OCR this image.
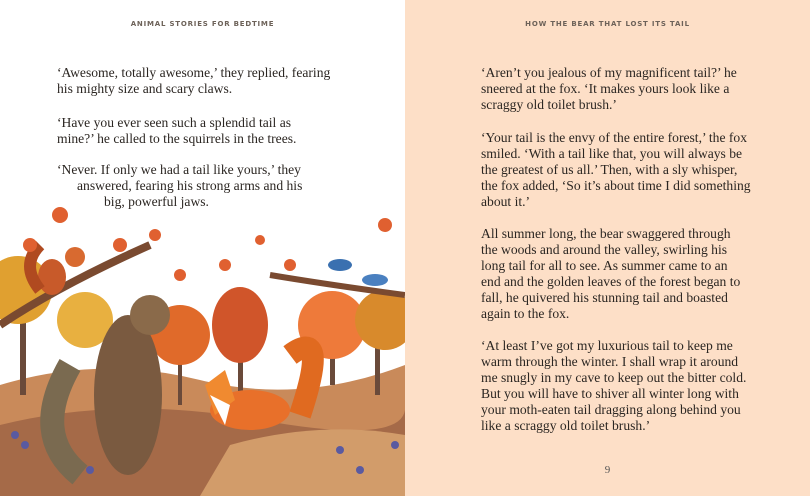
ANIMAL STORIES FOR BEDTIME
‘Awesome, totally awesome,’ they replied, fearing
his mighty size and scary claws.
‘Have you ever seen such a splendid tail as
mine?’ he called to the squirrels in the trees.
‘Never. If only we had a tail like yours,’ they
answered, fearing his strong arms and his
big, powerful jaws.
HOW THE BEAR THAT LOST ITS TAIL
‘Aren’t you jealous of my magnificent tail?’ he
sneered at the fox. ‘It makes yours look like a
scraggy old toilet brush.’
‘Your tail is the envy of the entire forest,’ the fox
smiled. ‘With a tail like that, you will always be
the greatest of us all.’ Then, with a sly whisper,
the fox added, ‘So it’s about time I did something
about it.’
All summer long, the bear swaggered through
the woods and around the valley, swirling his
long tail for all to see. As summer came to an
end and the golden leaves of the forest began to
fall, he quivered his stunning tail and boasted
again to the fox.
‘At least I’ve got my luxurious tail to keep me
warm through the winter. I shall wrap it around
me snugly in my cave to keep out the bitter cold.
But you will have to shiver all winter long with
your moth-eaten tail dragging along behind you
like a scraggy old toilet brush.’
9
